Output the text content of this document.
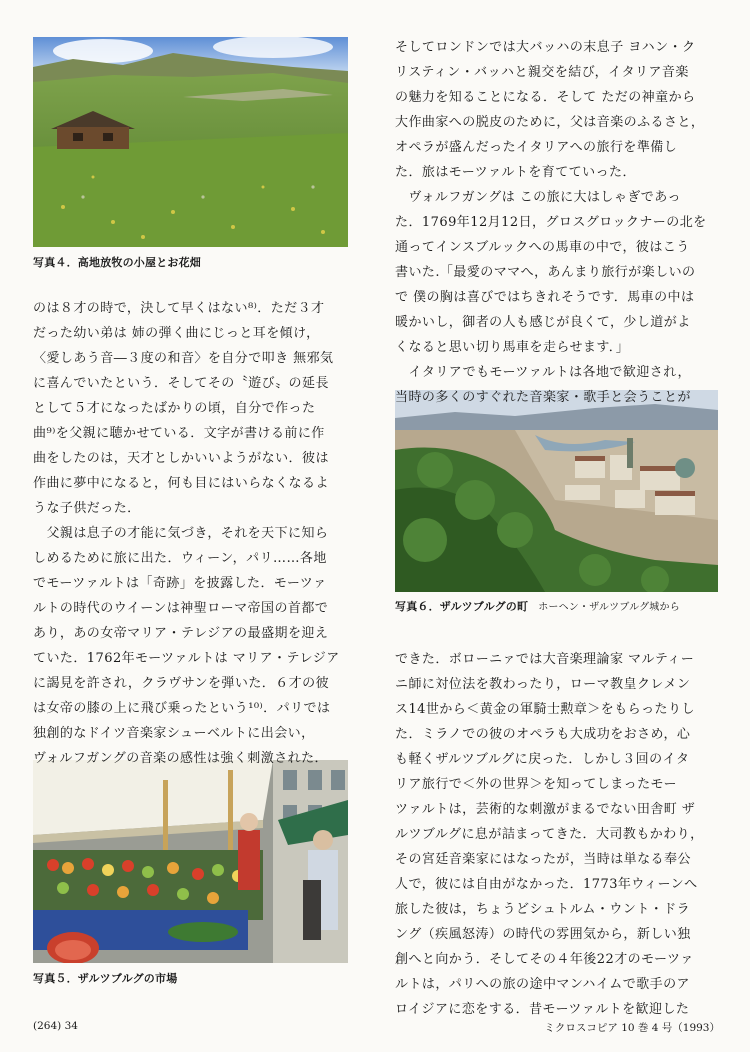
写真４．高地放牧の小屋とお花畑
写真６．ザルツブルグの町 ホーヘン・ザルツブルグ城から
写真５．ザルツブルグの市場
のは８才の時で，決して早くはない⁸⁾．ただ３才
だった幼い弟は 姉の弾く曲にじっと耳を傾け，
〈愛しあう音―３度の和音〉を自分で叩き 無邪気
に喜んでいたという．そしてその〝遊び〟の延長
として５才になったばかりの頃，自分で作った
曲⁹⁾を父親に聴かせている．文字が書ける前に作
曲をしたのは，天才としかいいようがない．彼は
作曲に夢中になると，何も目にはいらなくなるよ
うな子供だった．
　父親は息子の才能に気づき，それを天下に知ら
しめるために旅に出た．ウィーン，パリ……各地
でモーツァルトは「奇跡」を披露した．モーツァ
ルトの時代のウイーンは神聖ローマ帝国の首都で
あり，あの女帝マリア・テレジアの最盛期を迎え
ていた．1762年モーツァルトは マリア・テレジア
に謁見を許され，クラヴサンを弾いた．６才の彼
は女帝の膝の上に飛び乗ったという¹⁰⁾．パリでは
独創的なドイツ音楽家シューベルトに出会い，
ヴォルフガングの音楽の感性は強く刺激された．
そしてロンドンでは大バッハの末息子 ヨハン・ク
リスティン・バッハと親交を結び，イタリア音楽
の魅力を知ることになる．そして ただの神童から
大作曲家への脱皮のために，父は音楽のふるさと，
オペラが盛んだったイタリアへの旅行を準備し
た．旅はモーツァルトを育てていった．
　ヴォルフガングは この旅に大はしゃぎであっ
た．1769年12月12日，グロスグロックナーの北を
通ってインスブルックへの馬車の中で，彼はこう
書いた.「最愛のママへ，あんまり旅行が楽しいの
で 僕の胸は喜びではちきれそうです．馬車の中は
暖かいし，御者の人も感じが良くて，少し道がよ
くなると思い切り馬車を走らせます．」
　イタリアでもモーツァルトは各地で歓迎され，
当時の多くのすぐれた音楽家・歌手と会うことが
できた．ボローニァでは大音楽理論家 マルティー
ニ師に対位法を教わったり，ローマ教皇クレメン
ス14世から＜黄金の軍騎士勲章＞をもらったりし
た．ミラノでの彼のオペラも大成功をおさめ，心
も軽くザルツブルグに戻った．しかし３回のイタ
リア旅行で＜外の世界＞を知ってしまったモー
ツァルトは，芸術的な刺激がまるでない田舎町 ザ
ルツブルグに息が詰まってきた．大司教もかわり，
その宮廷音楽家にはなったが，当時は単なる奉公
人で，彼には自由がなかった．1773年ウィーンへ
旅した彼は，ちょうどシュトルム・ウント・ドラ
ング（疾風怒涛）の時代の雰囲気から，新しい独
創へと向かう．そしてその４年後22才のモーツァ
ルトは，パリへの旅の途中マンハイムで歌手のア
ロイジアに恋をする．昔モーツァルトを歓迎した
(264) 34	ミクロスコピア 10 巻 4 号（1993）
